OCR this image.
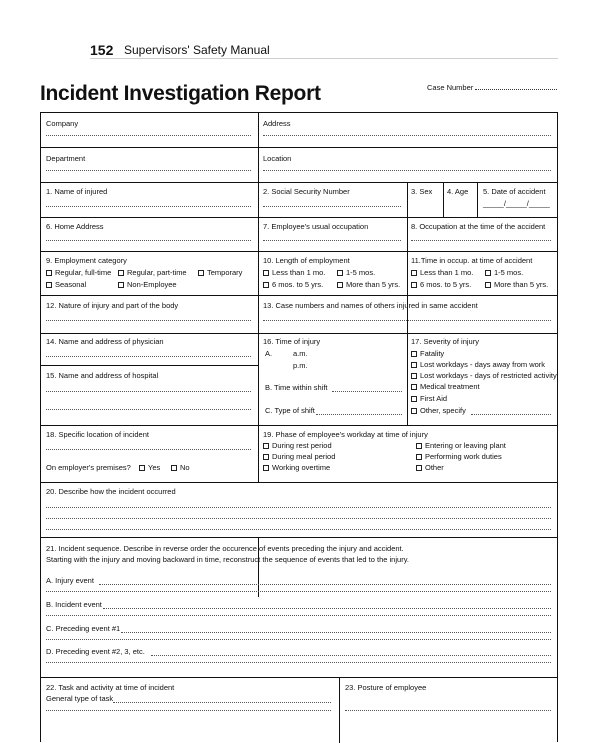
152 Supervisors' Safety Manual
Incident Investigation Report	Case Number
Company	Address
Department	Location
1. Name of injured	2. Social Security Number	3. Sex 4. Age 5. Date of accident
_____/_____/_____
6. Home Address	7. Employee's usual occupation	8. Occupation at the time of the accident
9. Employment category
Regular, full-time	Regular, part-time	Temporary
Seasonal	Non-Employee
10. Length of employment
Less than 1 mo.	1-5 mos.
6 mos. to 5 yrs.	More than 5 yrs.
11.Time in occup. at time of accident
Less than 1 mo.	1-5 mos.
6 mos. to 5 yrs.	More than 5 yrs.
12. Nature of injury and part of the body	13. Case numbers and names of others injured in same accident
14. Name and address of physician
15. Name and address of hospital
16. Time of injury
A.	a.m.
p.m.
B. Time within shift
C. Type of shift
17. Severity of injury
Fatality
Lost workdays - days away from work
Lost workdays - days of restricted activity
Medical treatment
First Aid
Other, specify
18. Specific location of incident
On employer's premises?	Yes	No
19. Phase of employee's workday at time of injury
During rest period
During meal period
Working overtime
Entering or leaving plant
Performing work duties
Other
20. Describe how the incident occurred
21. Incident sequence. Describe in reverse order the occurence of events preceding the injury and accident.
Starting with the injury and moving backward in time, reconstruct the sequence of events that led to the injury.
A. Injury event
B. Incident event
C. Preceding event #1
D. Preceding event #2, 3, etc.
22. Task and activity at time of incident
General type of task
23. Posture of employee
